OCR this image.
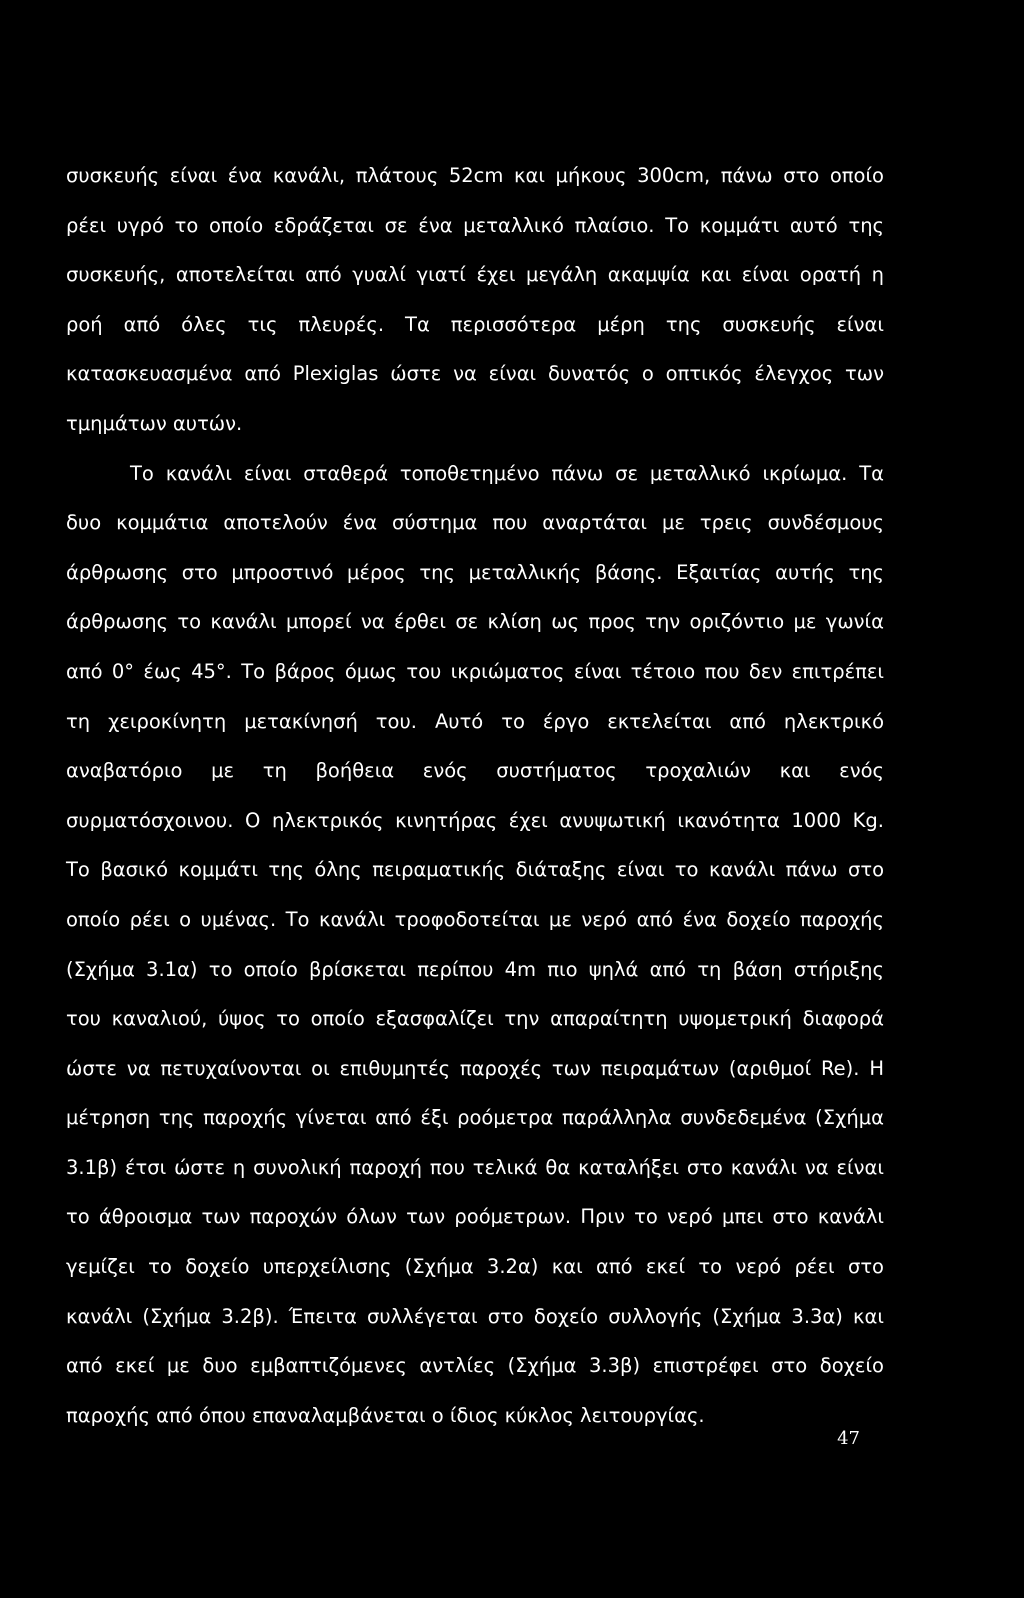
συσκευής είναι ένα κανάλι, πλάτους 52cm και μήκους 300cm, πάνω στο οποίο
ρέει υγρό το οποίο εδράζεται σε ένα μεταλλικό πλαίσιο. Το κομμάτι αυτό της
συσκευής, αποτελείται από γυαλί γιατί έχει μεγάλη ακαμψία και είναι ορατή η
ροή από όλες τις πλευρές. Τα περισσότερα μέρη της συσκευής είναι
κατασκευασμένα από Plexiglas ώστε να είναι δυνατός ο οπτικός έλεγχος των
τμημάτων αυτών.
Το κανάλι είναι σταθερά τοποθετημένο πάνω σε μεταλλικό ικρίωμα. Τα
δυο κομμάτια αποτελούν ένα σύστημα που αναρτάται με τρεις συνδέσμους
άρθρωσης στο μπροστινό μέρος της μεταλλικής βάσης. Εξαιτίας αυτής της
άρθρωσης το κανάλι μπορεί να έρθει σε κλίση ως προς την οριζόντιο με γωνία
από 0° έως 45°. Το βάρος όμως του ικριώματος είναι τέτοιο που δεν επιτρέπει
τη χειροκίνητη μετακίνησή του. Αυτό το έργο εκτελείται από ηλεκτρικό
αναβατόριο με τη βοήθεια ενός συστήματος τροχαλιών και ενός
συρματόσχοινου. Ο ηλεκτρικός κινητήρας έχει ανυψωτική ικανότητα 1000 Kg.
Το βασικό κομμάτι της όλης πειραματικής διάταξης είναι το κανάλι πάνω στο
οποίο ρέει ο υμένας. Το κανάλι τροφοδοτείται με νερό από ένα δοχείο παροχής
(Σχήμα 3.1α) το οποίο βρίσκεται περίπου 4m πιο ψηλά από τη βάση στήριξης
του καναλιού, ύψος το οποίο εξασφαλίζει την απαραίτητη υψομετρική διαφορά
ώστε να πετυχαίνονται οι επιθυμητές παροχές των πειραμάτων (αριθμοί Re). Η
μέτρηση της παροχής γίνεται από έξι ροόμετρα παράλληλα συνδεδεμένα (Σχήμα
3.1β) έτσι ώστε η συνολική παροχή που τελικά θα καταλήξει στο κανάλι να είναι
το άθροισμα των παροχών όλων των ροόμετρων. Πριν το νερό μπει στο κανάλι
γεμίζει το δοχείο υπερχείλισης (Σχήμα 3.2α) και από εκεί το νερό ρέει στο
κανάλι (Σχήμα 3.2β). Έπειτα συλλέγεται στο δοχείο συλλογής (Σχήμα 3.3α) και
από εκεί με δυο εμβαπτιζόμενες αντλίες (Σχήμα 3.3β) επιστρέφει στο δοχείο
παροχής από όπου επαναλαμβάνεται ο ίδιος κύκλος λειτουργίας.
47
